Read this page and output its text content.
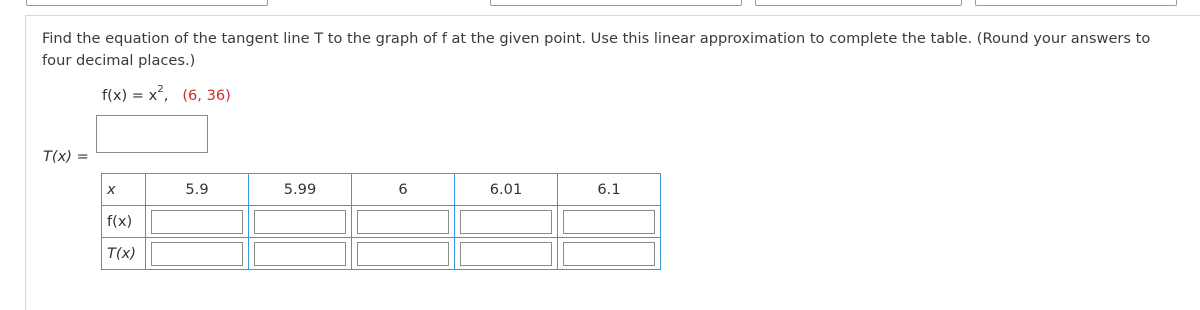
Find the equation of the tangent line T to the graph of f at the given point. Use this linear approximation to complete the table. (Round your answers to four decimal places.)
$f(x) = x^2$, (6, 36)
T(x) =
x	5.9	5.99	6	6.01	6.1
f(x)	

T(x)	
